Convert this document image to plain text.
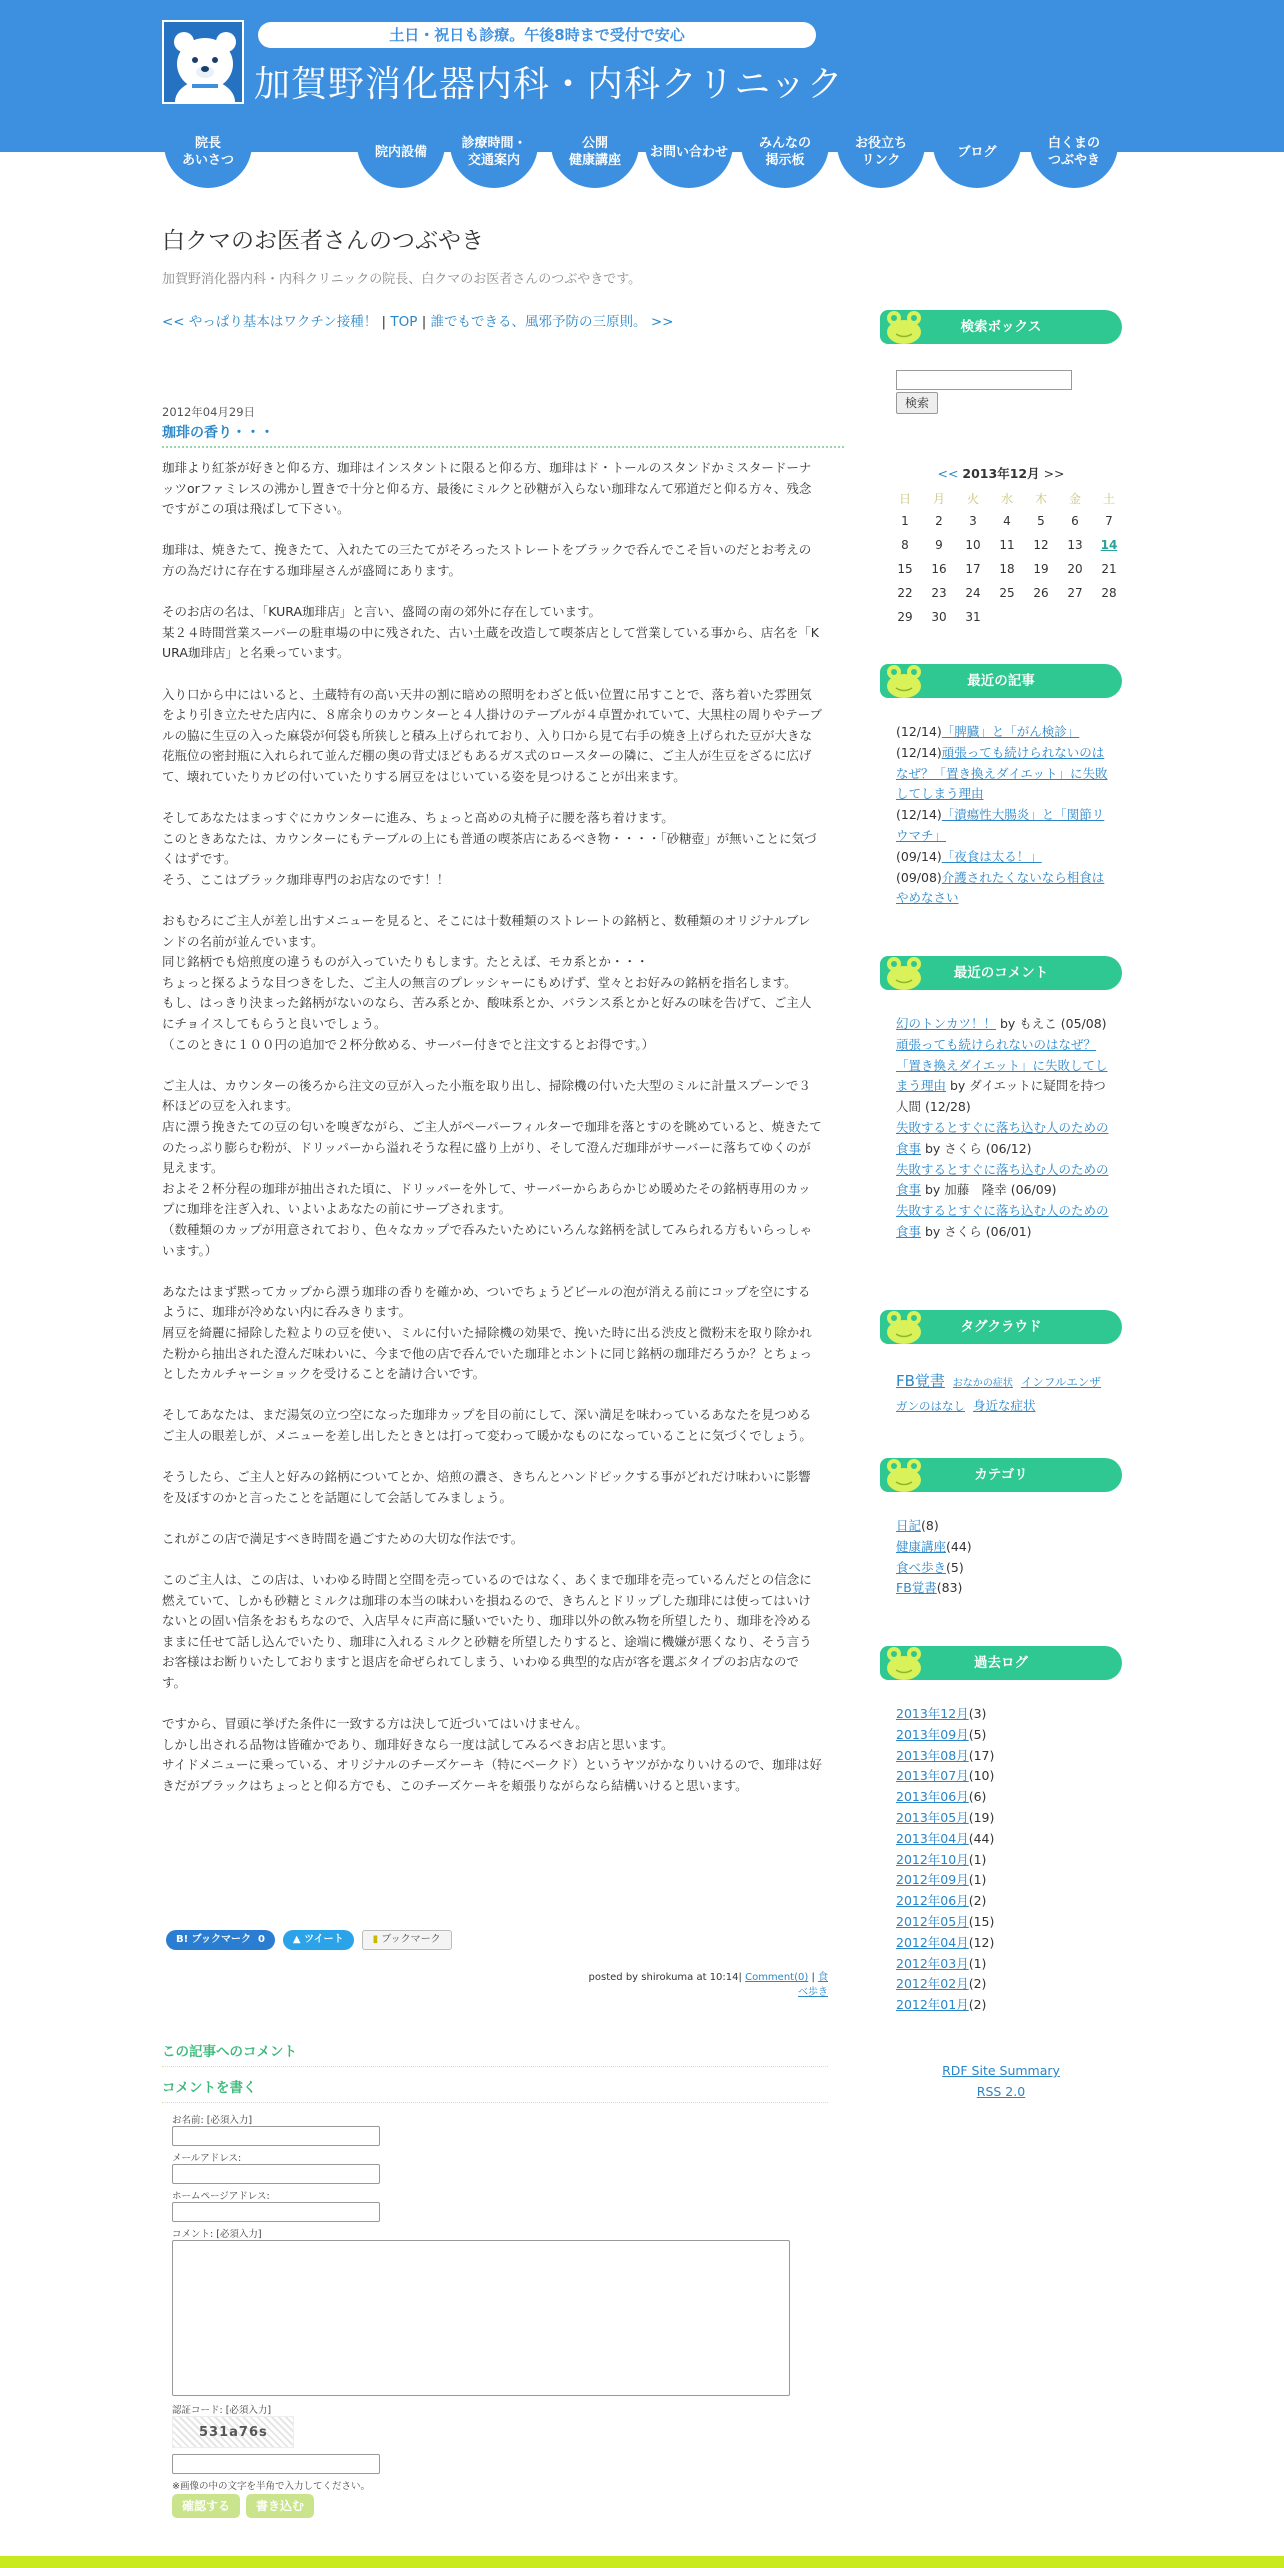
土日・祝日も診療。午後8時まで受付で安心
加賀野消化器内科・内科クリニック
院長
あいさつ
院内設備
診療時間・
交通案内
公開
健康講座
お問い合わせ
みんなの
掲示板
お役立ち
リンク
ブログ
白くまの
つぶやき
白クマのお医者さんのつぶやき
加賀野消化器内科・内科クリニックの院長、白クマのお医者さんのつぶやきです。
<< やっぱり基本はワクチン接種！ | TOP | 誰でもできる、風邪予防の三原則。 >>
2012年04月29日
珈琲の香り・・・

珈琲より紅茶が好きと仰る方、珈琲はインスタントに限ると仰る方、珈琲はド・トールのスタンドかミスタードーナッツorファミレスの沸かし置きで十分と仰る方、最後にミルクと砂糖が入らない珈琲なんて邪道だと仰る方々、残念ですがこの項は飛ばして下さい。

珈琲は、焼きたて、挽きたて、入れたての三たてがそろったストレートをブラックで呑んでこそ旨いのだとお考えの方の為だけに存在する珈琲屋さんが盛岡にあります。

そのお店の名は、「KURA珈琲店」と言い、盛岡の南の郊外に存在しています。
某２４時間営業スーパーの駐車場の中に残された、古い土蔵を改造して喫茶店として営業している事から、店名を「KURA珈琲店」と名乗っています。

入り口から中にはいると、土蔵特有の高い天井の割に暗めの照明をわざと低い位置に吊すことで、落ち着いた雰囲気をより引き立たせた店内に、８席余りのカウンターと４人掛けのテーブルが４卓置かれていて、大黒柱の周りやテーブルの脇に生豆の入った麻袋が何袋も所狭しと積み上げられており、入り口から見て右手の焼き上げられた豆が大きな花瓶位の密封瓶に入れられて並んだ棚の奥の背丈ほどもあるガス式のロースターの隣に、ご主人が生豆をざるに広げて、壊れていたりカビの付いていたりする屑豆をはじいている姿を見つけることが出来ます。

そしてあなたはまっすぐにカウンターに進み、ちょっと高めの丸椅子に腰を落ち着けます。
このときあなたは、カウンターにもテーブルの上にも普通の喫茶店にあるべき物・・・・「砂糖壺」が無いことに気づくはずです。
そう、ここはブラック珈琲専門のお店なのです！！

おもむろにご主人が差し出すメニューを見ると、そこには十数種類のストレートの銘柄と、数種類のオリジナルブレンドの名前が並んでいます。
同じ銘柄でも焙煎度の違うものが入っていたりもします。たとえば、モカ系とか・・・
ちょっと探るような目つきをした、ご主人の無言のプレッシャーにもめげず、堂々とお好みの銘柄を指名します。
もし、はっきり決まった銘柄がないのなら、苦み系とか、酸味系とか、バランス系とかと好みの味を告げて、ご主人にチョイスしてもらうと良いでしょう。
（このときに１００円の追加で２杯分飲める、サーバー付きでと注文するとお得です。）

ご主人は、カウンターの後ろから注文の豆が入った小瓶を取り出し、掃除機の付いた大型のミルに計量スプーンで３杯ほどの豆を入れます。
店に漂う挽きたての豆の匂いを嗅ぎながら、ご主人がペーパーフィルターで珈琲を落とすのを眺めていると、焼きたてのたっぷり膨らむ粉が、ドリッパーから溢れそうな程に盛り上がり、そして澄んだ珈琲がサーバーに落ちてゆくのが見えます。
およそ２杯分程の珈琲が抽出された頃に、ドリッパーを外して、サーバーからあらかじめ暖めたその銘柄専用のカップに珈琲を注ぎ入れ、いよいよあなたの前にサーブされます。
（数種類のカップが用意されており、色々なカップで呑みたいためにいろんな銘柄を試してみられる方もいらっしゃいます。）

あなたはまず黙ってカップから漂う珈琲の香りを確かめ、ついでちょうどビールの泡が消える前にコップを空にするように、珈琲が冷めない内に呑みきります。
屑豆を綺麗に掃除した粒よりの豆を使い、ミルに付いた掃除機の効果で、挽いた時に出る渋皮と微粉末を取り除かれた粉から抽出された澄んだ味わいに、今まで他の店で呑んでいた珈琲とホントに同じ銘柄の珈琲だろうか？とちょっとしたカルチャーショックを受けることを請け合いです。

そしてあなたは、まだ湯気の立つ空になった珈琲カップを目の前にして、深い満足を味わっているあなたを見つめるご主人の眼差しが、メニューを差し出したときとは打って変わって暖かなものになっていることに気づくでしょう。

そうしたら、ご主人と好みの銘柄についてとか、焙煎の濃さ、きちんとハンドピックする事がどれだけ味わいに影響を及ぼすのかと言ったことを話題にして会話してみましょう。

これがこの店で満足すべき時間を過ごすための大切な作法です。

このご主人は、この店は、いわゆる時間と空間を売っているのではなく、あくまで珈琲を売っているんだとの信念に燃えていて、しかも砂糖とミルクは珈琲の本当の味わいを損ねるので、きちんとドリップした珈琲には使ってはいけないとの固い信条をおもちなので、入店早々に声高に騒いでいたり、珈琲以外の飲み物を所望したり、珈琲を冷めるままに任せて話し込んでいたり、珈琲に入れるミルクと砂糖を所望したりすると、途端に機嫌が悪くなり、そう言うお客様はお断りいたしておりますと退店を命ぜられてしまう、いわゆる典型的な店が客を選ぶタイプのお店なのです。

ですから、冒頭に挙げた条件に一致する方は決して近づいてはいけません。
しかし出される品物は皆確かであり、珈琲好きなら一度は試してみるべきお店と思います。
サイドメニューに乗っている、オリジナルのチーズケーキ（特にベークド）というヤツがかなりいけるので、珈琲は好きだがブラックはちょっとと仰る方でも、このチーズケーキを頬張りながらなら結構いけると思います。

B! ブックマーク 0	▲ ツイート	▮ ブックマーク
posted by shirokuma at 10:14| Comment(0) | 食べ歩き
この記事へのコメント
コメントを書く
お名前: [必須入力]
メールアドレス:
ホームページアドレス:
コメント: [必須入力]
認証コード: [必須入力]
531a76s
※画像の中の文字を半角で入力してください。
確認する	書き込む
検索ボックス
検索
<< 2013年12月 >>
日	月	火	水	木	金	土
1	2	3	4	5	6	7
8	9	10	11	12	13	14
15	16	17	18	19	20	21
22	23	24	25	26	27	28
29	30	31
最近の記事
(12/14)「脾臓」と「がん検診」
(12/14)頑張っても続けられないのはなぜ？「置き換えダイエット」に失敗してしまう理由
(12/14)「潰瘍性大腸炎」と「関節リウマチ」
(09/14)「夜食は太る！」
(09/08)介護されたくないなら相食はやめなさい
最近のコメント
幻のトンカツ！！ by もえこ (05/08)
頑張っても続けられないのはなぜ？「置き換えダイエット」に失敗してしまう理由 by ダイエットに疑問を持つ人間 (12/28)
失敗するとすぐに落ち込む人のための食事 by さくら (06/12)
失敗するとすぐに落ち込む人のための食事 by 加藤　隆幸 (06/09)
失敗するとすぐに落ち込む人のための食事 by さくら (06/01)
タグクラウド
FB覚書 おなかの症状 インフルエンザ ガンのはなし 身近な症状
カテゴリ
日記(8)
健康講座(44)
食べ歩き(5)
FB覚書(83)
過去ログ
2013年12月(3)
2013年09月(5)
2013年08月(17)
2013年07月(10)
2013年06月(6)
2013年05月(19)
2013年04月(44)
2012年10月(1)
2012年09月(1)
2012年06月(2)
2012年05月(15)
2012年04月(12)
2012年03月(1)
2012年02月(2)
2012年01月(2)
RDF Site Summary
RSS 2.0
